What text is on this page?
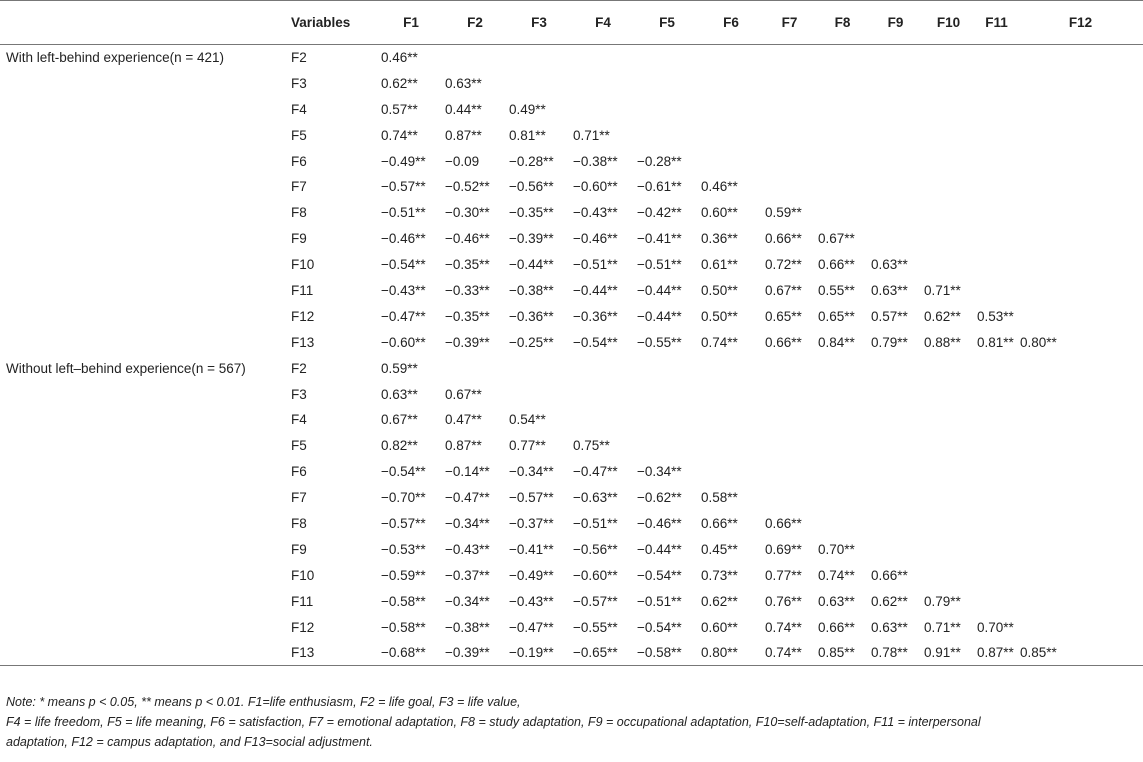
	Variables	F1	F2	F3	F4	F5	F6	F7	F8	F9	F10	F11	F12
With left-behind experience(n = 421)	F2	0.46**											
	F3	0.62**	0.63**										
	F4	0.57**	0.44**	0.49**									
	F5	0.74**	0.87**	0.81**	0.71**								
	F6	−0.49**	−0.09	−0.28**	−0.38**	−0.28**							
	F7	−0.57**	−0.52**	−0.56**	−0.60**	−0.61**	0.46**						
	F8	−0.51**	−0.30**	−0.35**	−0.43**	−0.42**	0.60**	0.59**					
	F9	−0.46**	−0.46**	−0.39**	−0.46**	−0.41**	0.36**	0.66**	0.67**				
	F10	−0.54**	−0.35**	−0.44**	−0.51**	−0.51**	0.61**	0.72**	0.66**	0.63**			
	F11	−0.43**	−0.33**	−0.38**	−0.44**	−0.44**	0.50**	0.67**	0.55**	0.63**	0.71**		
	F12	−0.47**	−0.35**	−0.36**	−0.36**	−0.44**	0.50**	0.65**	0.65**	0.57**	0.62**	0.53**	
	F13	−0.60**	−0.39**	−0.25**	−0.54**	−0.55**	0.74**	0.66**	0.84**	0.79**	0.88**	0.81**	0.80**
Without left–behind experience(n = 567)	F2	0.59**											
	F3	0.63**	0.67**										
	F4	0.67**	0.47**	0.54**									
	F5	0.82**	0.87**	0.77**	0.75**								
	F6	−0.54**	−0.14**	−0.34**	−0.47**	−0.34**							
	F7	−0.70**	−0.47**	−0.57**	−0.63**	−0.62**	0.58**						
	F8	−0.57**	−0.34**	−0.37**	−0.51**	−0.46**	0.66**	0.66**					
	F9	−0.53**	−0.43**	−0.41**	−0.56**	−0.44**	0.45**	0.69**	0.70**				
	F10	−0.59**	−0.37**	−0.49**	−0.60**	−0.54**	0.73**	0.77**	0.74**	0.66**			
	F11	−0.58**	−0.34**	−0.43**	−0.57**	−0.51**	0.62**	0.76**	0.63**	0.62**	0.79**		
	F12	−0.58**	−0.38**	−0.47**	−0.55**	−0.54**	0.60**	0.74**	0.66**	0.63**	0.71**	0.70**	
	F13	−0.68**	−0.39**	−0.19**	−0.65**	−0.58**	0.80**	0.74**	0.85**	0.78**	0.91**	0.87**	0.85**
Note: * means p < 0.05, ** means p < 0.01. F1=life enthusiasm, F2 = life goal, F3 = life value,
F4 = life freedom, F5 = life meaning, F6 = satisfaction, F7 = emotional adaptation, F8 = study adaptation, F9 = occupational adaptation, F10=self-adaptation, F11 = interpersonal
adaptation, F12 = campus adaptation, and F13=social adjustment.
